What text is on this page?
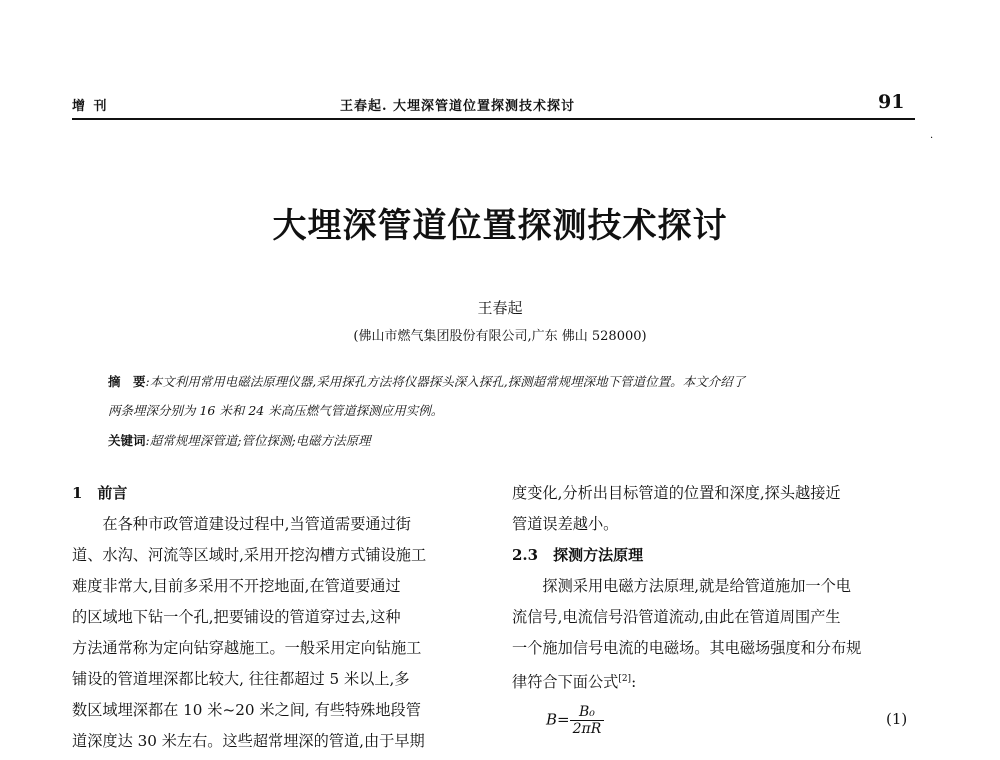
增 刊	王春起. 大埋深管道位置探测技术探讨	91
·
大埋深管道位置探测技术探讨
王春起
(佛山市燃气集团股份有限公司,广东 佛山 528000)
摘　要:本文利用常用电磁法原理仪器,采用探孔方法将仪器探头深入探孔,探测超常规埋深地下管道位置。本文介绍了
两条埋深分别为 16 米和 24 米高压燃气管道探测应用实例。
关键词:超常规埋深管道;管位探测;电磁方法原理
1　前言

在各种市政管道建设过程中,当管道需要通过街

道、水沟、河流等区域时,采用开挖沟槽方式铺设施工

难度非常大,目前多采用不开挖地面,在管道要通过

的区域地下钻一个孔,把要铺设的管道穿过去,这种

方法通常称为定向钻穿越施工。一般采用定向钻施工

铺设的管道埋深都比较大, 往往都超过 5 米以上,多

数区域埋深都在 10 米~20 米之间, 有些特殊地段管

道深度达 30 米左右。这些超常埋深的管道,由于早期

度变化,分析出目标管道的位置和深度,探头越接近

管道误差越小。

2.3　探测方法原理

探测采用电磁方法原理,就是给管道施加一个电

流信号,电流信号沿管道流动,由此在管道周围产生

一个施加信号电流的电磁场。其电磁场强度和分布规

律符合下面公式[2]:

$B= \frac{\text{B₀}}{2\pi R}$	(1)
